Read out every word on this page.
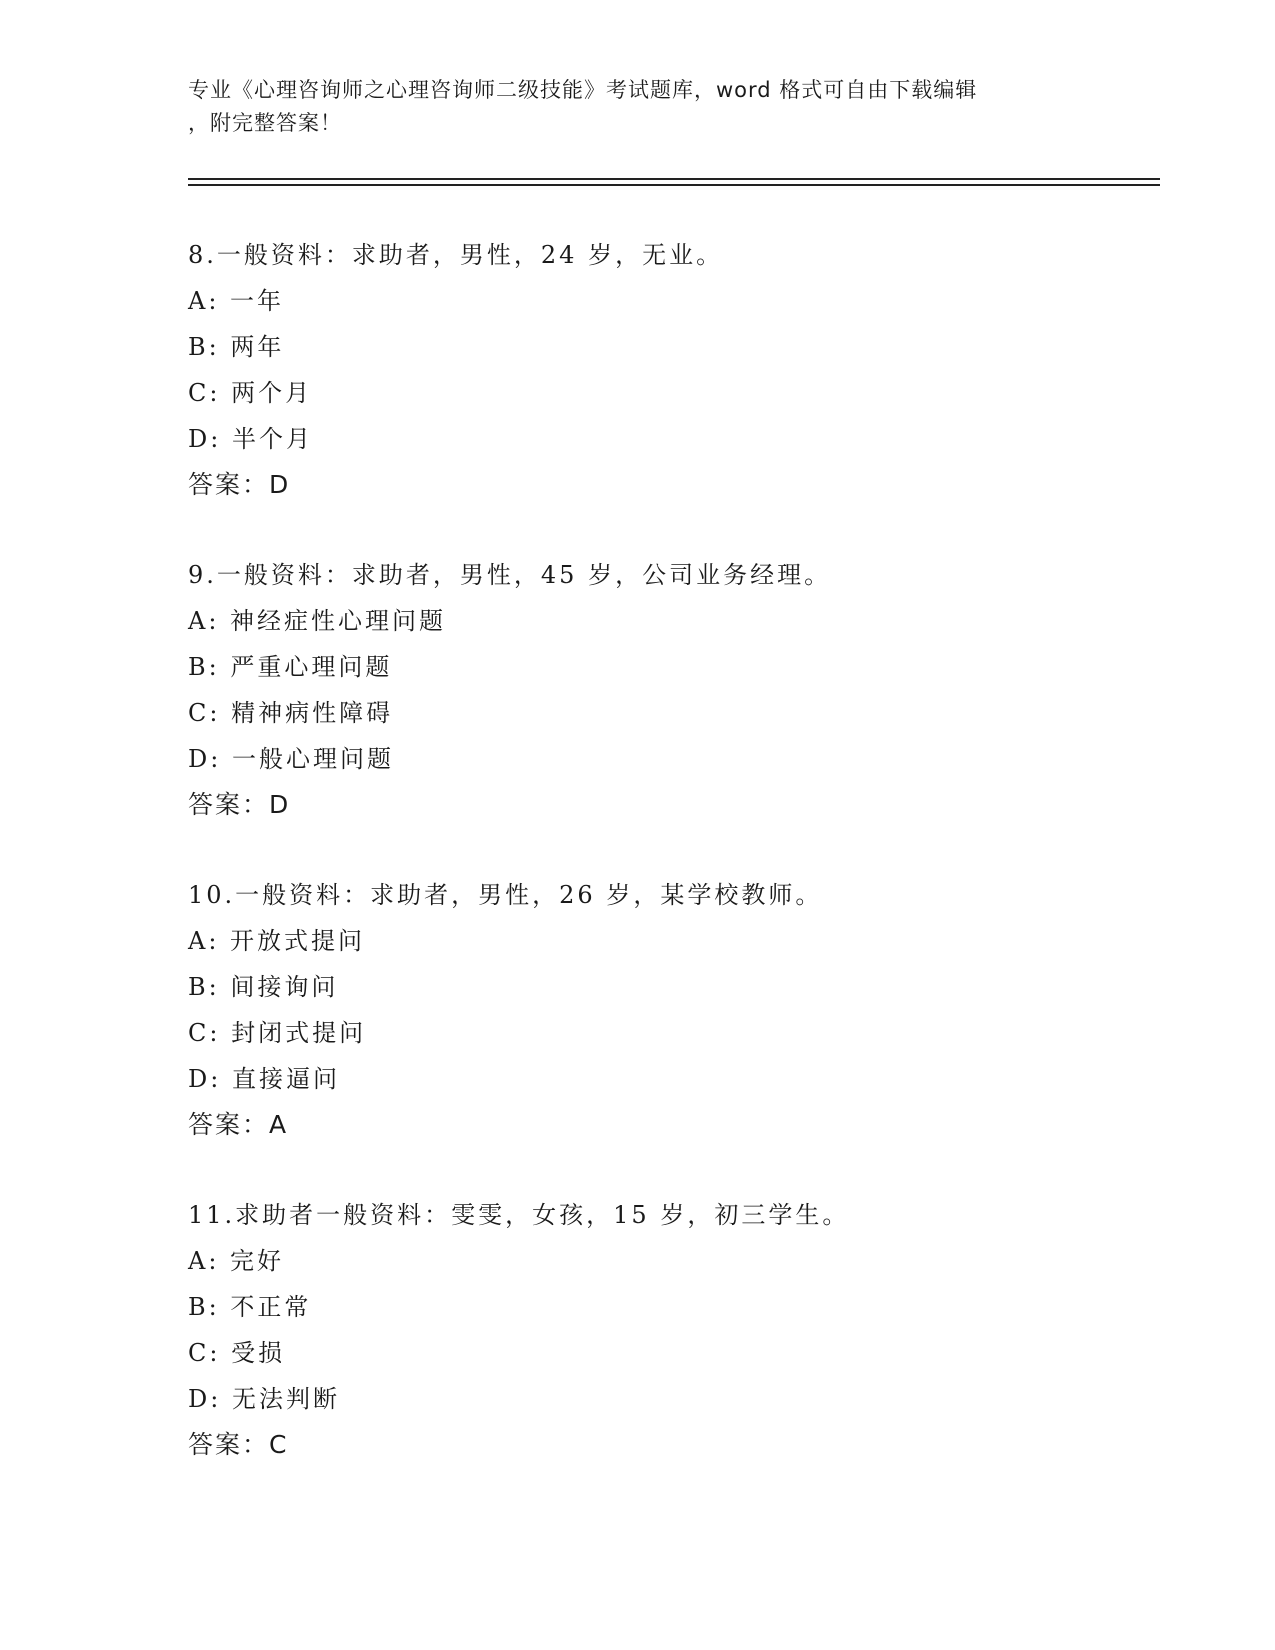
专业《心理咨询师之心理咨询师二级技能》考试题库，word 格式可自由下载编辑
，附完整答案！
8.一般资料：求助者，男性，24 岁，无业。
A: 一年
B: 两年
C: 两个月
D: 半个月
答案：D
9.一般资料：求助者，男性，45 岁，公司业务经理。
A: 神经症性心理问题
B: 严重心理问题
C: 精神病性障碍
D: 一般心理问题
答案：D
10.一般资料：求助者，男性，26 岁，某学校教师。
A: 开放式提问
B: 间接询问
C: 封闭式提问
D: 直接逼问
答案：A
11.求助者一般资料：雯雯，女孩，15 岁，初三学生。
A: 完好
B: 不正常
C: 受损
D: 无法判断
答案：C
